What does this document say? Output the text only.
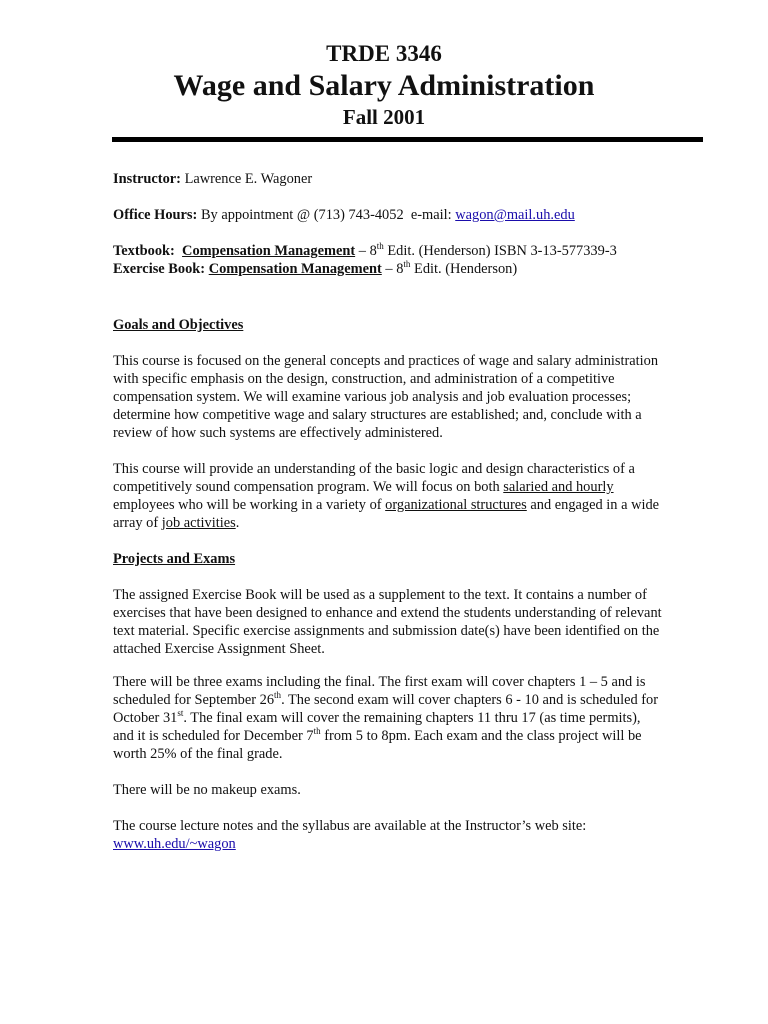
TRDE 3346
Wage and Salary Administration
Fall 2001

Instructor: Lawrence E. Wagoner

Office Hours: By appointment @ (713) 743-4052 e-mail: wagon@mail.uh.edu

Textbook: Compensation Management – 8th Edit. (Henderson) ISBN 3-13-577339-3

Exercise Book: Compensation Management – 8th Edit. (Henderson)

Goals and Objectives

This course is focused on the general concepts and practices of wage and salary administration with specific emphasis on the design, construction, and administration of a competitive compensation system. We will examine various job analysis and job evaluation processes; determine how competitive wage and salary structures are established; and, conclude with a review of how such systems are effectively administered.

This course will provide an understanding of the basic logic and design characteristics of a competitively sound compensation program. We will focus on both salaried and hourly employees who will be working in a variety of organizational structures and engaged in a wide array of job activities.

Projects and Exams

The assigned Exercise Book will be used as a supplement to the text. It contains a number of exercises that have been designed to enhance and extend the students understanding of relevant text material. Specific exercise assignments and submission date(s) have been identified on the attached Exercise Assignment Sheet.

There will be three exams including the final. The first exam will cover chapters 1 – 5 and is scheduled for September 26th. The second exam will cover chapters 6 - 10 and is scheduled for October 31st. The final exam will cover the remaining chapters 11 thru 17 (as time permits), and it is scheduled for December 7th from 5 to 8pm. Each exam and the class project will be worth 25% of the final grade.

There will be no makeup exams.

The course lecture notes and the syllabus are available at the Instructor’s web site:
www.uh.edu/~wagon
